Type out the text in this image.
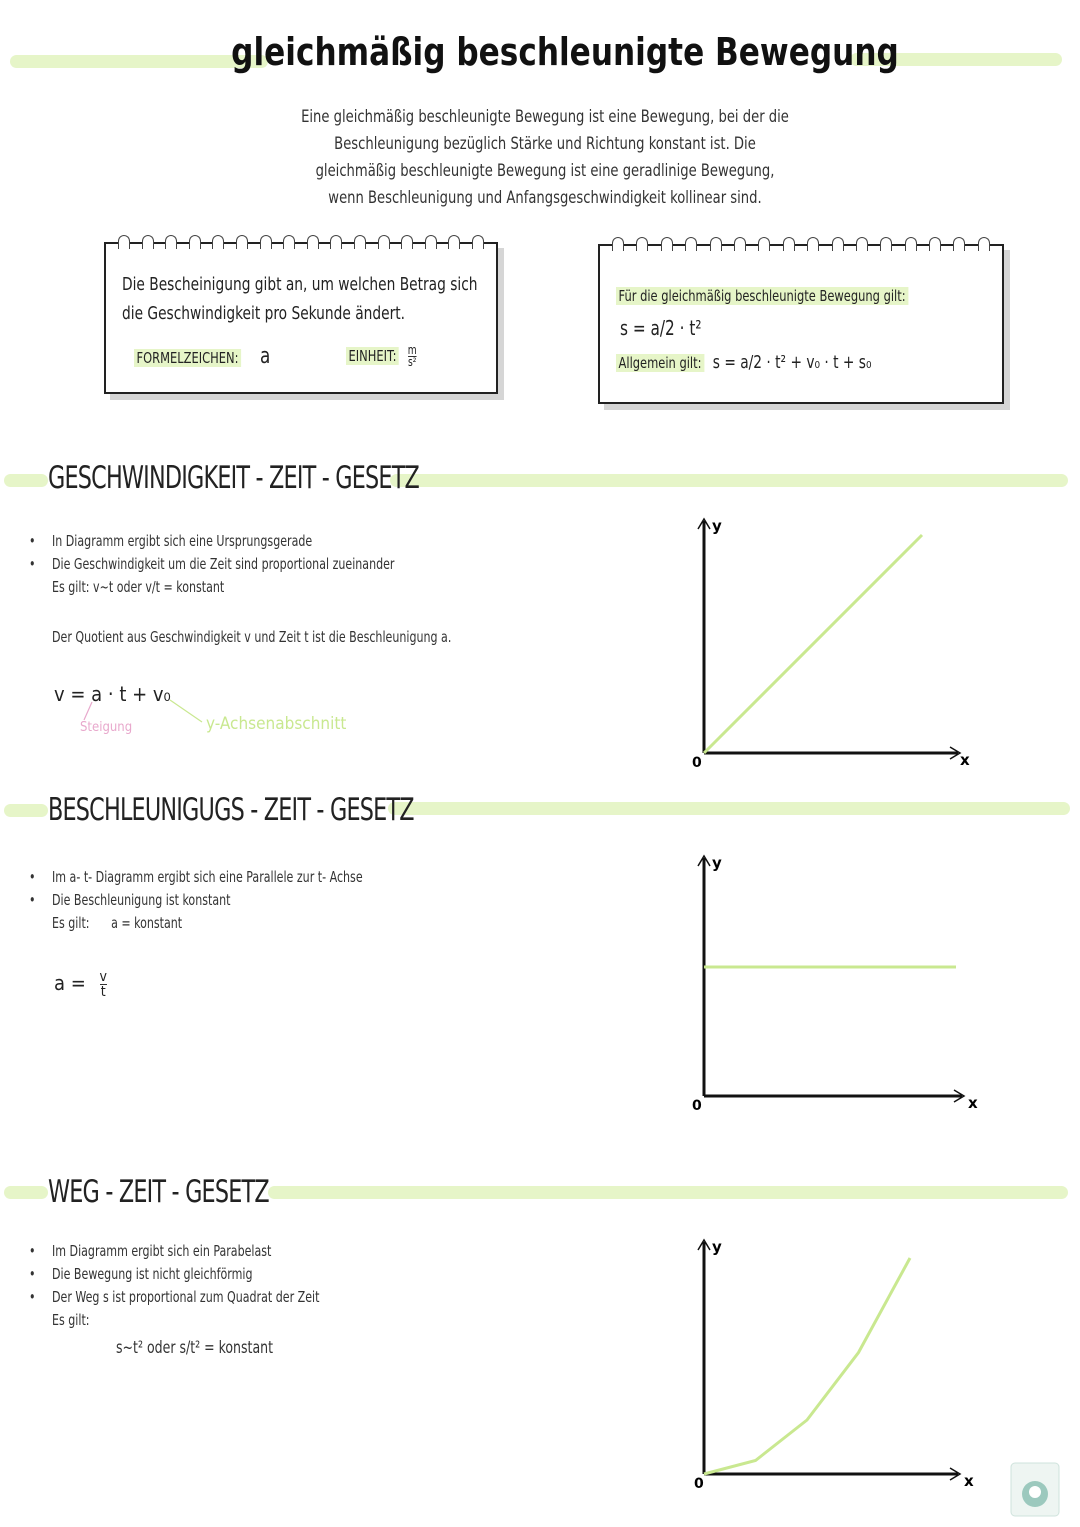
gleichmäßig beschleunigte Bewegung
Eine gleichmäßig beschleunigte Bewegung ist eine Bewegung, bei der die Beschleunigung bezüglich Stärke und Richtung konstant ist. Die gleichmäßig beschleunigte Bewegung ist eine geradlinige Bewegung, wenn Beschleunigung und Anfangsgeschwindigkeit kollinear sind.
Die Bescheinigung gibt an, um welchen Betrag sich die Geschwindigkeit pro Sekunde ändert.
FORMELZEICHEN: a	EINHEIT: $\frac{m}{\text{s²}}$
Für die gleichmäßig beschleunigte Bewegung gilt:
s = a/2 · t²
Allgemein gilt: s = a/2 · t² + v₀ · t + s₀
GESCHWINDIGKEIT - ZEIT - GESETZ
• In Diagramm ergibt sich eine Ursprungsgerade
• Die Geschwindigkeit um die Zeit sind proportional zueinander
Es gilt: v~t oder v/t = konstant
Der Quotient aus Geschwindigkeit v und Zeit t ist die Beschleunigung a.
v = a · t + v₀
Steigung	y-Achsenabschnitt
y
x
0
BESCHLEUNIGUGS - ZEIT - GESETZ
• Im a- t- Diagramm ergibt sich eine Parallele zur t- Achse
• Die Beschleunigung ist konstant
Es gilt: a = konstant
$a = \frac{v}{t}$
y
x
0
WEG - ZEIT - GESETZ
• Im Diagramm ergibt sich ein Parabelast
• Die Bewegung ist nicht gleichförmig
• Der Weg s ist proportional zum Quadrat der Zeit
Es gilt:
s~t² oder s/t² = konstant
y
x
0
